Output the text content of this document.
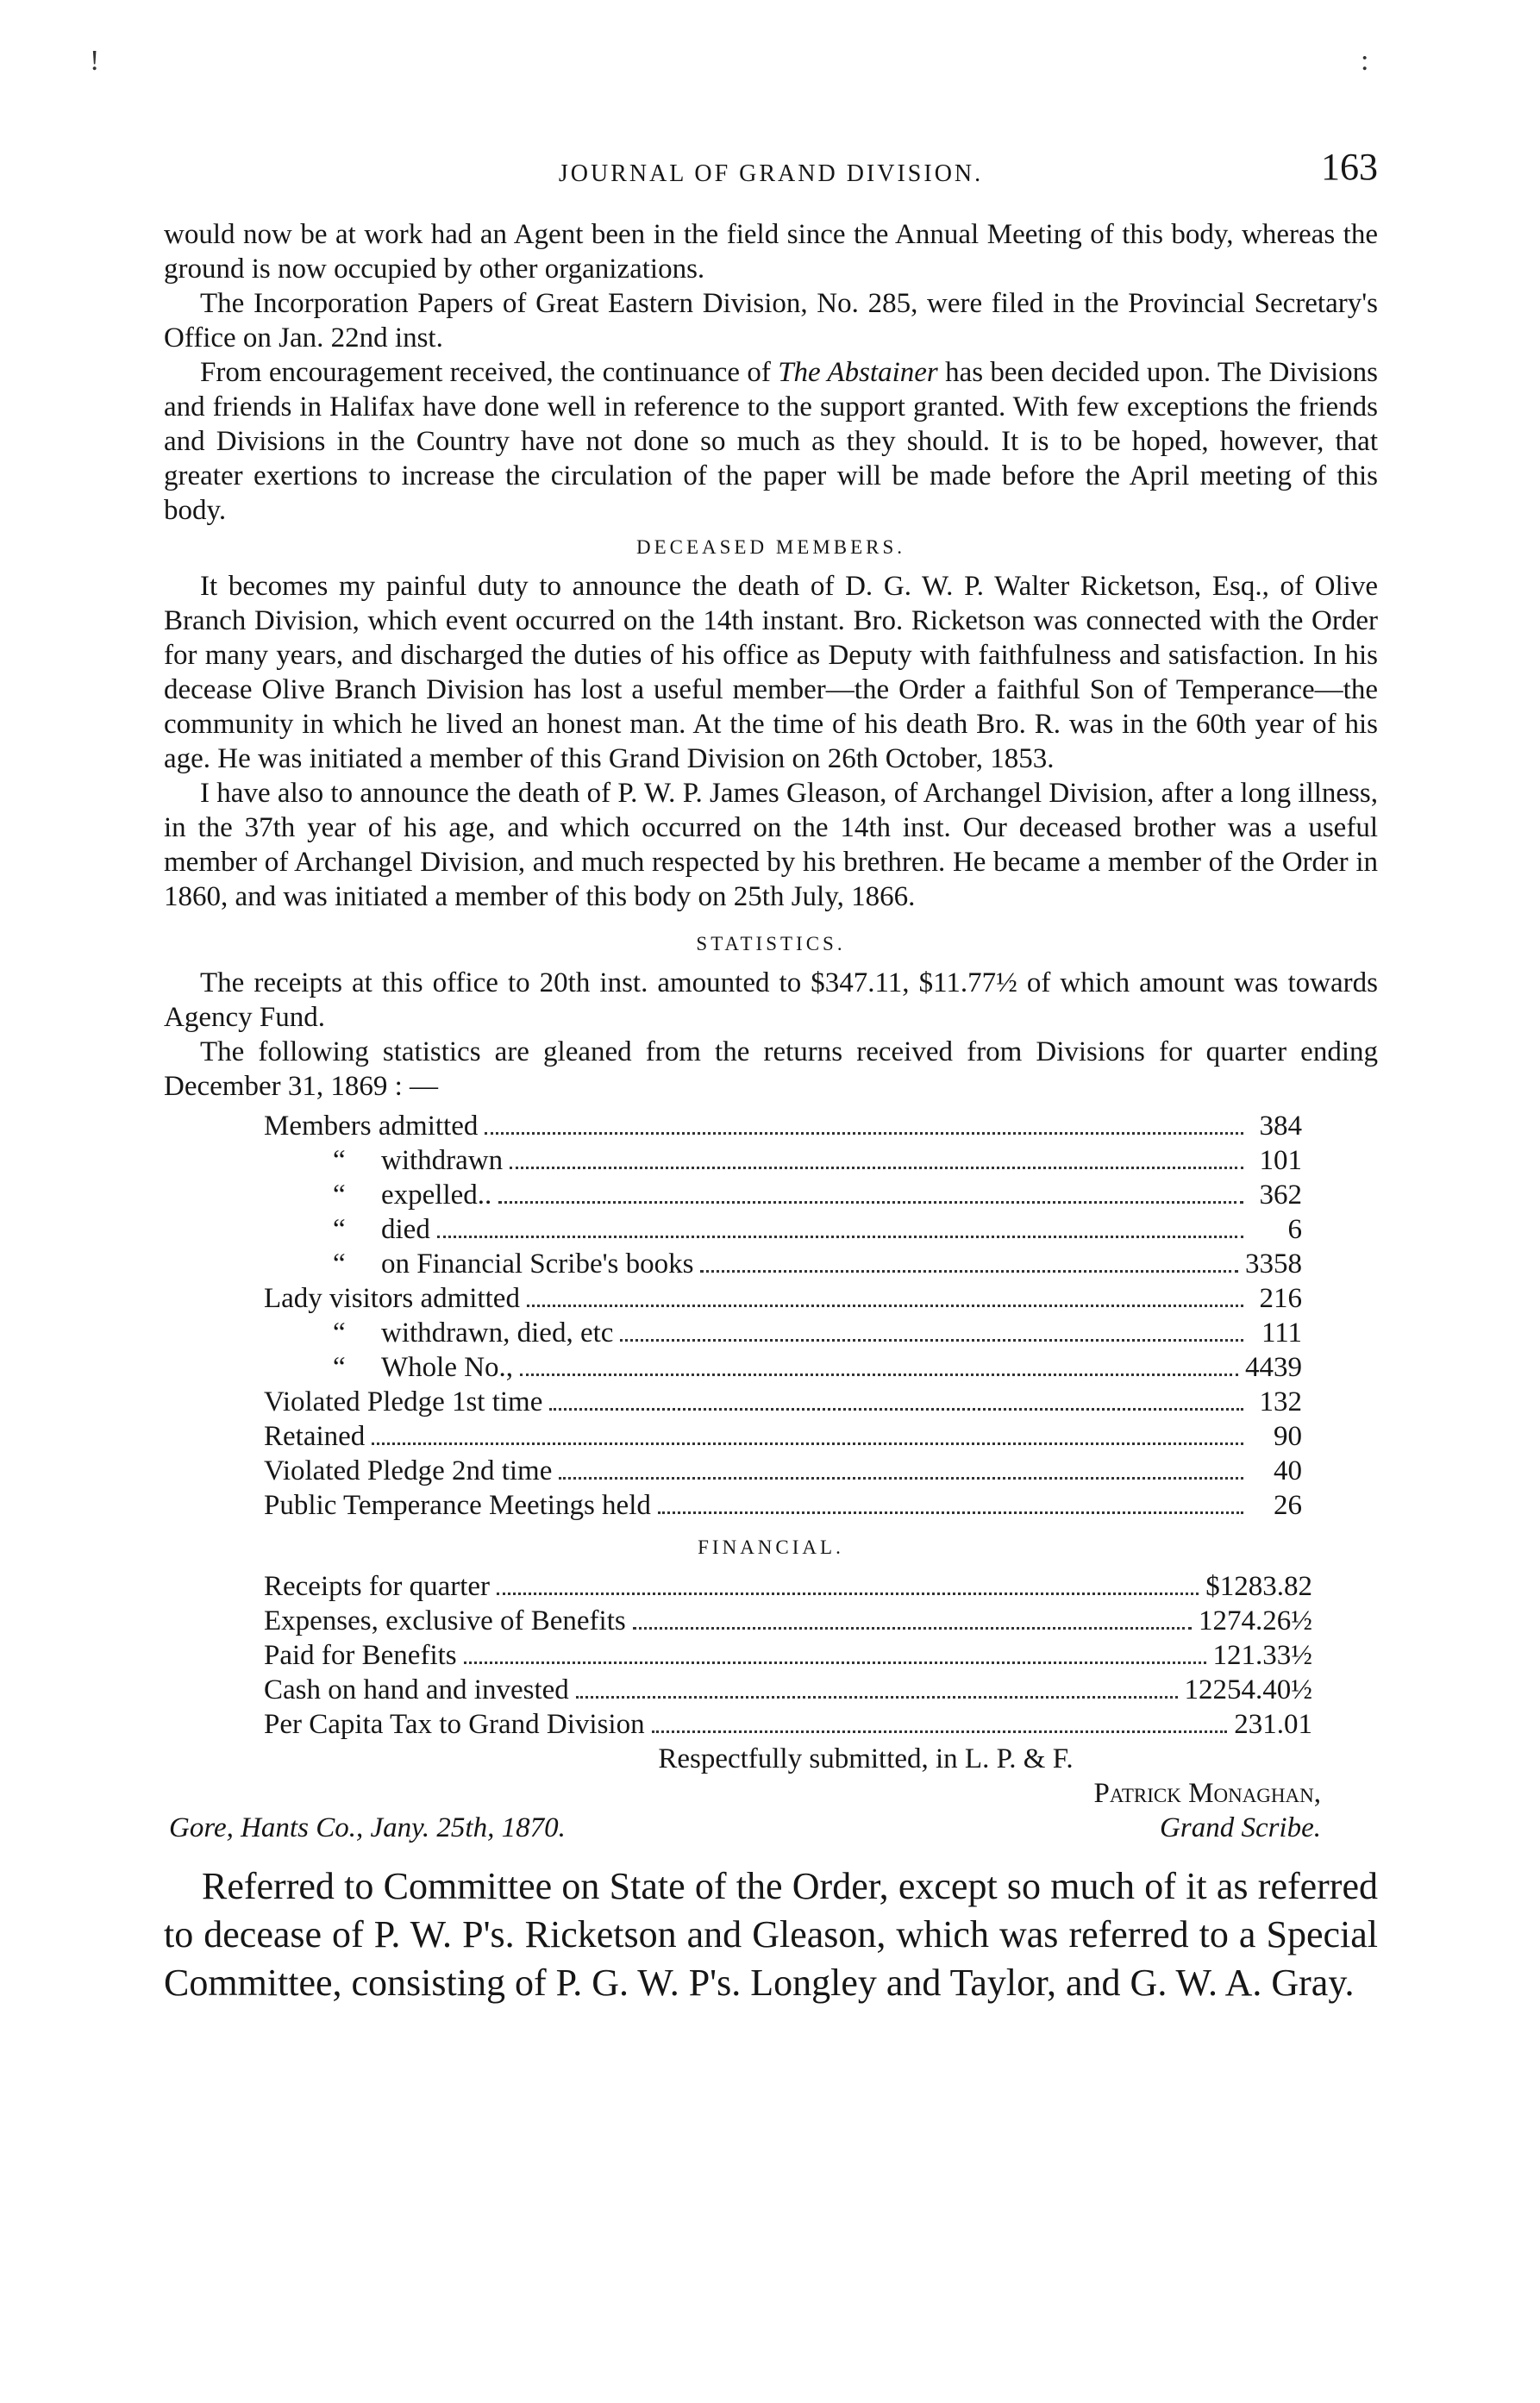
!	:
JOURNAL OF GRAND DIVISION.	163

would now be at work had an Agent been in the field since the Annual Meeting of this body, whereas the ground is now occupied by other organizations.

The Incorporation Papers of Great Eastern Division, No. 285, were filed in the Provincial Secretary's Office on Jan. 22nd inst.

From encouragement received, the continuance of The Abstainer has been decided upon. The Divisions and friends in Halifax have done well in reference to the support granted. With few exceptions the friends and Divisions in the Country have not done so much as they should. It is to be hoped, however, that greater exertions to increase the circulation of the paper will be made before the April meeting of this body.

DECEASED MEMBERS.

It becomes my painful duty to announce the death of D. G. W. P. Walter Ricketson, Esq., of Olive Branch Division, which event occurred on the 14th instant. Bro. Ricketson was connected with the Order for many years, and discharged the duties of his office as Deputy with faithfulness and satisfaction. In his decease Olive Branch Division has lost a useful member—the Order a faithful Son of Temperance—the community in which he lived an honest man. At the time of his death Bro. R. was in the 60th year of his age. He was initiated a member of this Grand Division on 26th October, 1853.

I have also to announce the death of P. W. P. James Gleason, of Archangel Division, after a long illness, in the 37th year of his age, and which occurred on the 14th inst. Our deceased brother was a useful member of Archangel Division, and much respected by his brethren. He became a member of the Order in 1860, and was initiated a member of this body on 25th July, 1866.

STATISTICS.

The receipts at this office to 20th inst. amounted to $347.11, $11.77½ of which amount was towards Agency Fund.

The following statistics are gleaned from the returns received from Divisions for quarter ending December 31, 1869 : —

Members admitted	384
“ withdrawn	101
“ expelled..	362
“ died	6
“ on Financial Scribe's books	3358
Lady visitors admitted	216
“ withdrawn, died, etc	111
“ Whole No.,	4439
Violated Pledge 1st time	132
Retained	90
Violated Pledge 2nd time	40
Public Temperance Meetings held	26
FINANCIAL.
Receipts for quarter	$1283.82
Expenses, exclusive of Benefits	1274.26½
Paid for Benefits	121.33½
Cash on hand and invested	12254.40½
Per Capita Tax to Grand Division	231.01

Respectfully submitted, in L. P. & F.

Patrick Monaghan,

Gore, Hants Co., Jany. 25th, 1870.	Grand Scribe.

Referred to Committee on State of the Order, except so much of it as referred to decease of P. W. P's. Ricketson and Gleason, which was referred to a Special Committee, consisting of P. G. W. P's. Longley and Taylor, and G. W. A. Gray.
